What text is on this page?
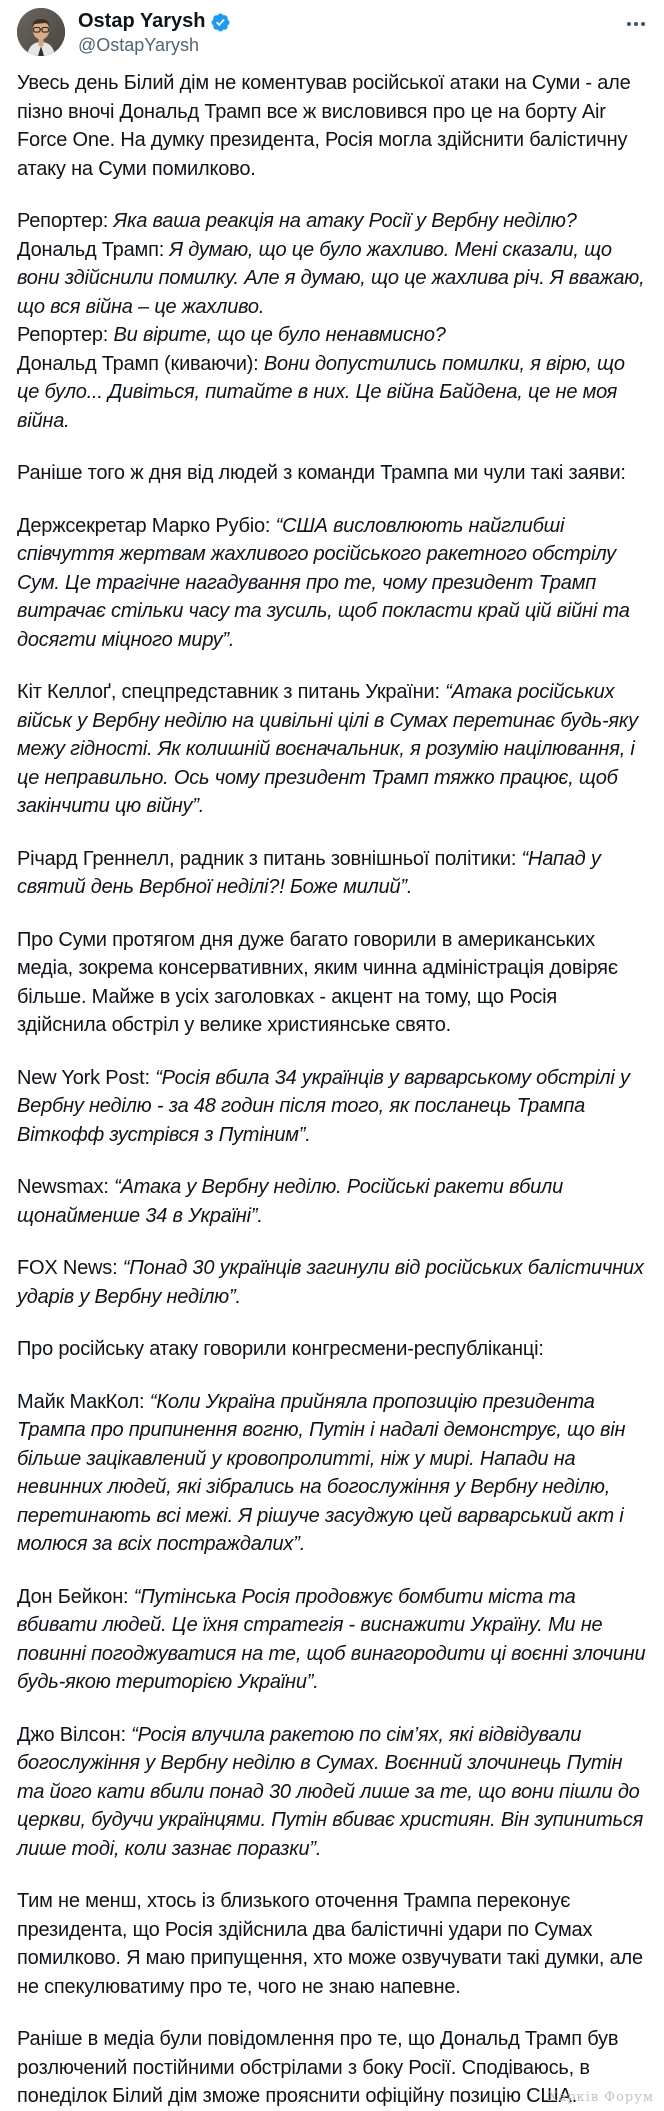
Ostap Yarysh
@OstapYarysh
Увесь день Білий дім не коментував російської атаки на Суми - але пізно вночі Дональд Трамп все ж висловився про це на борту Air Force One. На думку президента, Росія могла здійснити балістичну атаку на Суми помилково.
Репортер: Яка ваша реакція на атаку Росії у Вербну неділю?
Дональд Трамп: Я думаю, що це було жахливо. Мені сказали, що вони здійснили помилку. Але я думаю, що це жахлива річ. Я вважаю, що вся війна – це жахливо.
Репортер: Ви вірите, що це було ненавмисно?
Дональд Трамп (киваючи): Вони допустились помилки, я вірю, що це було... Дивіться, питайте в них. Це війна Байдена, це не моя війна.
Раніше того ж дня від людей з команди Трампа ми чули такі заяви:
Держсекретар Марко Рубіо: “США висловлюють найглибші співчуття жертвам жахливого російського ракетного обстрілу Сум. Це трагічне нагадування про те, чому президент Трамп витрачає стільки часу та зусиль, щоб покласти край цій війні та досягти міцного миру”.
Кіт Келлоґ, спецпредставник з питань України: “Атака російських військ у Вербну неділю на цивільні цілі в Сумах перетинає будь-яку межу гідності. Як колишній воєначальник, я розумію націлювання, і це неправильно. Ось чому президент Трамп тяжко працює, щоб закінчити цю війну”.
Річард Греннелл, радник з питань зовнішньої політики: “Напад у святий день Вербної неділі?! Боже милий”.
Про Суми протягом дня дуже багато говорили в американських медіа, зокрема консервативних, яким чинна адміністрація довіряє більше. Майже в усіх заголовках - акцент на тому, що Росія здійснила обстріл у велике християнське свято.
New York Post: “Росія вбила 34 українців у варварському обстрілі у Вербну неділю - за 48 годин після того, як посланець Трампа Віткофф зустрівся з Путіним”.
Newsmax: “Атака у Вербну неділю. Російські ракети вбили щонайменше 34 в Україні”.
FOX News: “Понад 30 українців загинули від російських балістичних ударів у Вербну неділю”.
Про російську атаку говорили конгресмени-республіканці:
Майк МакКол: “Коли Україна прийняла пропозицію президента Трампа про припинення вогню, Путін і надалі демонструє, що він більше зацікавлений у кровопролитті, ніж у мирі. Напади на невинних людей, які зібрались на богослужіння у Вербну неділю, перетинають всі межі. Я рішуче засуджую цей варварський акт і молюся за всіх постраждалих”.
Дон Бейкон: “Путінська Росія продовжує бомбити міста та вбивати людей. Це їхня стратегія - виснажити Україну. Ми не повинні погоджуватися на те, щоб винагородити ці воєнні злочини будь-якою територією України”.
Джо Вілсон: “Росія влучила ракетою по сім’ях, які відвідували богослужіння у Вербну неділю в Сумах. Воєнний злочинець Путін та його кати вбили понад 30 людей лише за те, що вони пішли до церкви, будучи українцями. Путін вбиває християн. Він зупиниться лише тоді, коли зазнає поразки”.
Тим не менш, хтось із близького оточення Трампа переконує президента, що Росія здійснила два балістичні удари по Сумах помилково. Я маю припущення, хто може озвучувати такі думки, але не спекулюватиму про те, чого не знаю напевне.
Раніше в медіа були повідомлення про те, що Дональд Трамп був розлючений постійними обстрілами з боку Росії. Сподіваюсь, в понеділок Білий дім зможе прояснити офіційну позицію США.
Харків Форум
